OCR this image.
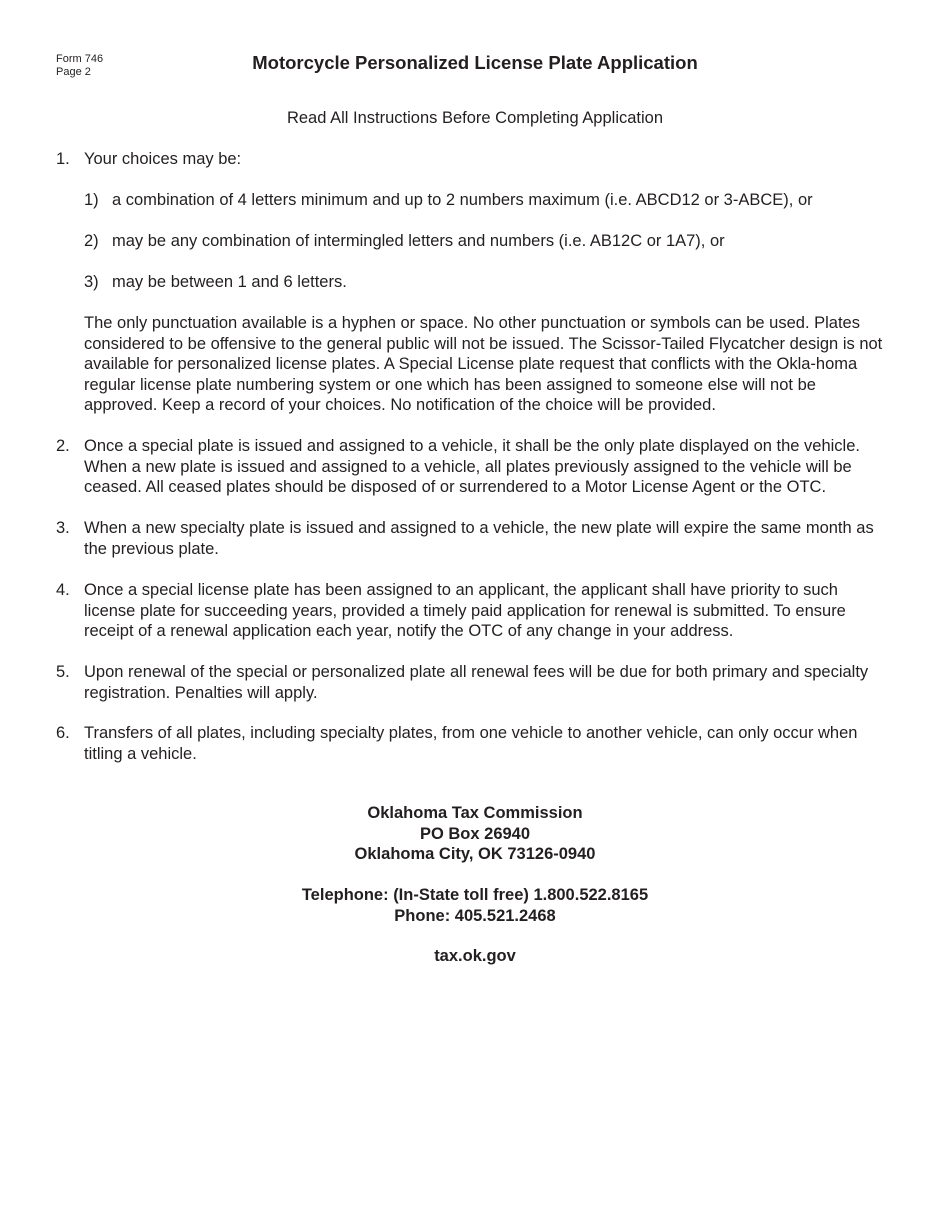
Form 746
Page 2	Motorcycle Personalized License Plate Application
Read All Instructions Before Completing Application
1. Your choices may be:
1) a combination of 4 letters minimum and up to 2 numbers maximum (i.e. ABCD12 or 3-ABCE), or
2) may be any combination of intermingled letters and numbers (i.e. AB12C or 1A7), or
3) may be between 1 and 6 letters.
The only punctuation available is a hyphen or space. No other punctuation or symbols can be used. Plates considered to be offensive to the general public will not be issued. The Scissor-Tailed Flycatcher design is not available for personalized license plates. A Special License plate request that conflicts with the Okla-homa regular license plate numbering system or one which has been assigned to someone else will not be approved. Keep a record of your choices. No notification of the choice will be provided.
2. Once a special plate is issued and assigned to a vehicle, it shall be the only plate displayed on the vehicle. When a new plate is issued and assigned to a vehicle, all plates previously assigned to the vehicle will be ceased. All ceased plates should be disposed of or surrendered to a Motor License Agent or the OTC.
3. When a new specialty plate is issued and assigned to a vehicle, the new plate will expire the same month as the previous plate.
4. Once a special license plate has been assigned to an applicant, the applicant shall have priority to such license plate for succeeding years, provided a timely paid application for renewal is submitted. To ensure receipt of a renewal application each year, notify the OTC of any change in your address.
5. Upon renewal of the special or personalized plate all renewal fees will be due for both primary and specialty registration. Penalties will apply.
6. Transfers of all plates, including specialty plates, from one vehicle to another vehicle, can only occur when titling a vehicle.
Oklahoma Tax Commission
PO Box 26940
Oklahoma City, OK 73126-0940
Telephone: (In-State toll free) 1.800.522.8165
Phone: 405.521.2468
tax.ok.gov
